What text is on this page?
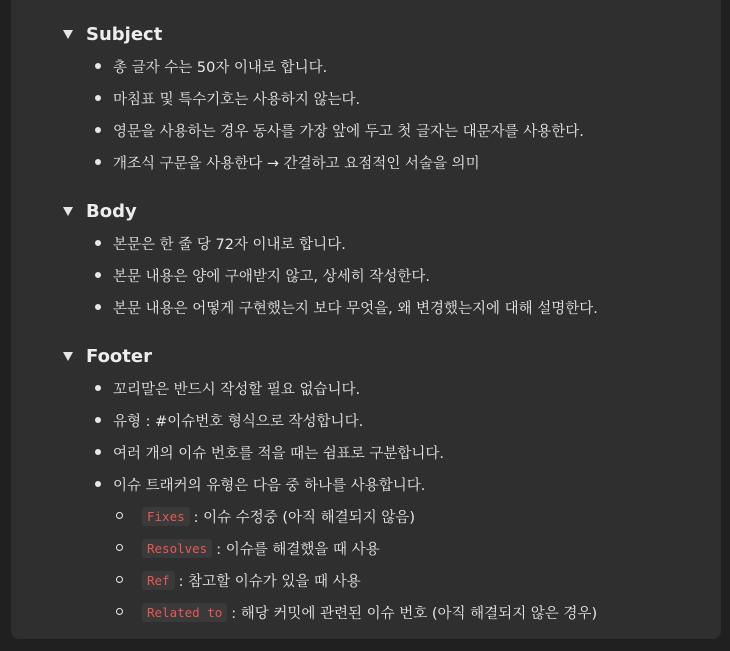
Subject
총 글자 수는 50자 이내로 합니다.
마침표 및 특수기호는 사용하지 않는다.
영문을 사용하는 경우 동사를 가장 앞에 두고 첫 글자는 대문자를 사용한다.
개조식 구문을 사용한다 → 간결하고 요점적인 서술을 의미
Body
본문은 한 줄 당 72자 이내로 합니다.
본문 내용은 양에 구애받지 않고, 상세히 작성한다.
본문 내용은 어떻게 구현했는지 보다 무엇을, 왜 변경했는지에 대해 설명한다.
Footer
꼬리말은 반드시 작성할 필요 없습니다.
유형 : #이슈번호 형식으로 작성합니다.
여러 개의 이슈 번호를 적을 때는 쉼표로 구분합니다.
이슈 트래커의 유형은 다음 중 하나를 사용합니다.
Fixes : 이슈 수정중 (아직 해결되지 않음)
Resolves : 이슈를 해결했을 때 사용
Ref : 참고할 이슈가 있을 때 사용
Related to : 해당 커밋에 관련된 이슈 번호 (아직 해결되지 않은 경우)
